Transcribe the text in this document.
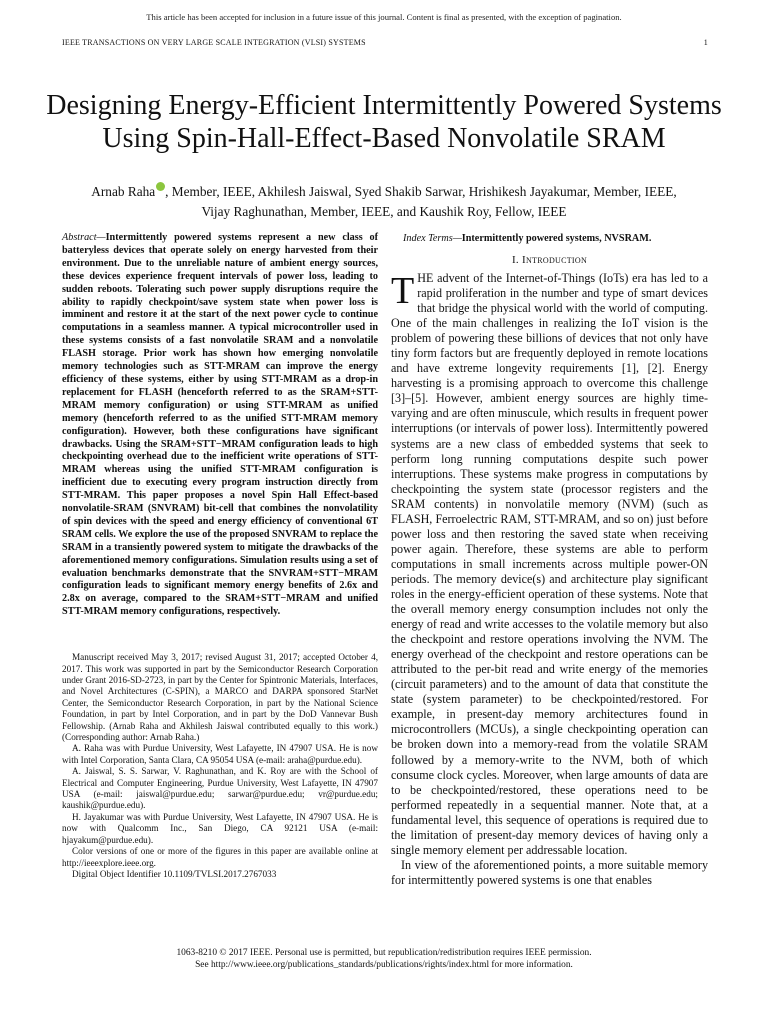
This article has been accepted for inclusion in a future issue of this journal. Content is final as presented, with the exception of pagination.
IEEE TRANSACTIONS ON VERY LARGE SCALE INTEGRATION (VLSI) SYSTEMS	1
Designing Energy-Efficient Intermittently Powered Systems Using Spin-Hall-Effect-Based Nonvolatile SRAM
Arnab Raha , Member, IEEE, Akhilesh Jaiswal, Syed Shakib Sarwar, Hrishikesh Jayakumar, Member, IEEE,
Vijay Raghunathan, Member, IEEE, and Kaushik Roy, Fellow, IEEE

Abstract—Intermittently powered systems represent a new class of batteryless devices that operate solely on energy harvested from their environment. Due to the unreliable nature of ambient energy sources, these devices experience frequent intervals of power loss, leading to sudden reboots. Tolerating such power supply disruptions require the ability to rapidly checkpoint/save system state when power loss is imminent and restore it at the start of the next power cycle to continue computations in a seamless manner. A typical microcontroller used in these systems consists of a fast nonvolatile SRAM and a nonvolatile FLASH storage. Prior work has shown how emerging nonvolatile memory technologies such as STT-MRAM can improve the energy efficiency of these systems, either by using STT-MRAM as a drop-in replacement for FLASH (henceforth referred to as the SRAM+STT-MRAM memory configuration) or using STT-MRAM as unified memory (henceforth referred to as the unified STT-MRAM memory configuration). However, both these configurations have significant drawbacks. Using the SRAM+STT−MRAM configuration leads to high checkpointing overhead due to the inefficient write operations of STT-MRAM whereas using the unified STT-MRAM configuration is inefficient due to executing every program instruction directly from STT-MRAM. This paper proposes a novel Spin Hall Effect-based nonvolatile-SRAM (SNVRAM) bit-cell that combines the nonvolatility of spin devices with the speed and energy efficiency of conventional 6T SRAM cells. We explore the use of the proposed SNVRAM to replace the SRAM in a transiently powered system to mitigate the drawbacks of the aforementioned memory configurations. Simulation results using a set of evaluation benchmarks demonstrate that the SNVRAM+STT−MRAM configuration leads to significant memory energy benefits of 2.6x and 2.8x on average, compared to the SRAM+STT−MRAM and unified STT-MRAM memory configurations, respectively.

Manuscript received May 3, 2017; revised August 31, 2017; accepted October 4, 2017. This work was supported in part by the Semiconductor Research Corporation under Grant 2016-SD-2723, in part by the Center for Spintronic Materials, Interfaces, and Novel Architectures (C-SPIN), a MARCO and DARPA sponsored StarNet Center, the Semiconductor Research Corporation, in part by the National Science Foundation, in part by Intel Corporation, and in part by the DoD Vannevar Bush Fellowship. (Arnab Raha and Akhilesh Jaiswal contributed equally to this work.) (Corresponding author: Arnab Raha.)

A. Raha was with Purdue University, West Lafayette, IN 47907 USA. He is now with Intel Corporation, Santa Clara, CA 95054 USA (e-mail: araha@purdue.edu).

A. Jaiswal, S. S. Sarwar, V. Raghunathan, and K. Roy are with the School of Electrical and Computer Engineering, Purdue University, West Lafayette, IN 47907 USA (e-mail: jaiswal@purdue.edu; sarwar@purdue.edu; vr@purdue.edu; kaushik@purdue.edu).

H. Jayakumar was with Purdue University, West Lafayette, IN 47907 USA. He is now with Qualcomm Inc., San Diego, CA 92121 USA (e-mail: hjayakum@purdue.edu).

Color versions of one or more of the figures in this paper are available online at http://ieeexplore.ieee.org.

Digital Object Identifier 10.1109/TVLSI.2017.2767033

Index Terms—Intermittently powered systems, NVSRAM.

I. Introduction

THE advent of the Internet-of-Things (IoTs) era has led to a rapid proliferation in the number and type of smart devices that bridge the physical world with the world of computing. One of the main challenges in realizing the IoT vision is the problem of powering these billions of devices that not only have tiny form factors but are frequently deployed in remote locations and have extreme longevity requirements [1], [2]. Energy harvesting is a promising approach to overcome this challenge [3]–[5]. However, ambient energy sources are highly time-varying and are often minuscule, which results in frequent power interruptions (or intervals of power loss). Intermittently powered systems are a new class of embedded systems that seek to perform long running computations despite such power interruptions. These systems make progress in computations by checkpointing the system state (processor registers and the SRAM contents) in nonvolatile memory (NVM) (such as FLASH, Ferroelectric RAM, STT-MRAM, and so on) just before power loss and then restoring the saved state when receiving power again. Therefore, these systems are able to perform computations in small increments across multiple power-ON periods. The memory device(s) and architecture play significant roles in the energy-efficient operation of these systems. Note that the overall memory energy consumption includes not only the energy of read and write accesses to the volatile memory but also the checkpoint and restore operations involving the NVM. The energy overhead of the checkpoint and restore operations can be attributed to the per-bit read and write energy of the memories (circuit parameters) and to the amount of data that constitute the state (system parameter) to be checkpointed/restored. For example, in present-day memory architectures found in microcontrollers (MCUs), a single checkpointing operation can be broken down into a memory-read from the volatile SRAM followed by a memory-write to the NVM, both of which consume clock cycles. Moreover, when large amounts of data are to be checkpointed/restored, these operations need to be performed repeatedly in a sequential manner. Note that, at a fundamental level, this sequence of operations is required due to the limitation of present-day memory devices of having only a single memory element per addressable location.

In view of the aforementioned points, a more suitable memory for intermittently powered systems is one that enables

1063-8210 © 2017 IEEE. Personal use is permitted, but republication/redistribution requires IEEE permission.
See http://www.ieee.org/publications_standards/publications/rights/index.html for more information.
